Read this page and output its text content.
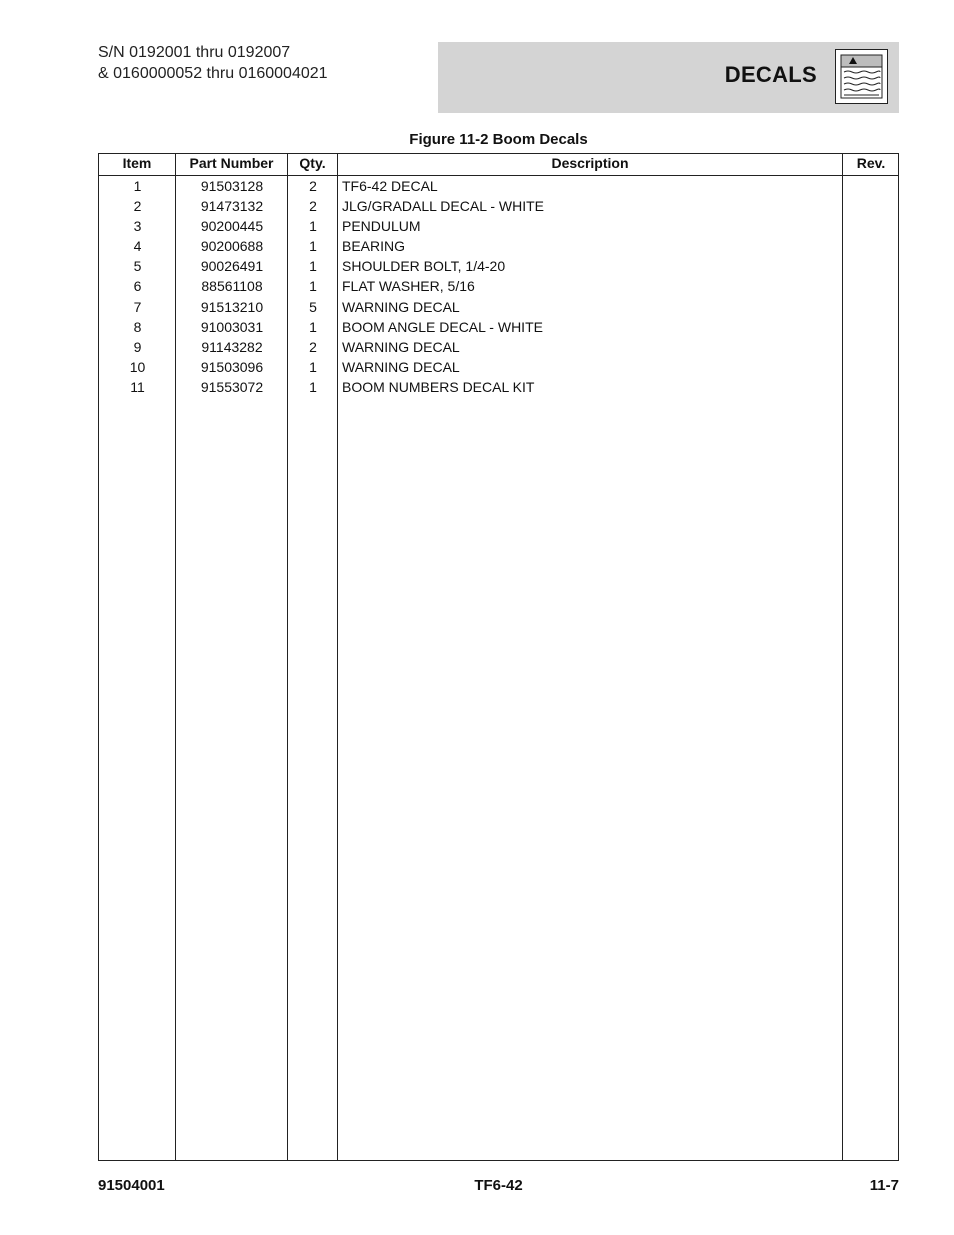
S/N 0192001 thru 0192007
& 0160000052 thru 0160004021	DECALS
Figure 11-2 Boom Decals
Item	Part Number	Qty.	Description	Rev.
1	91503128	2	TF6-42 DECAL
2	91473132	2	JLG/GRADALL DECAL - WHITE
3	90200445	1	PENDULUM
4	90200688	1	BEARING
5	90026491	1	SHOULDER BOLT, 1/4-20
6	88561108	1	FLAT WASHER, 5/16
7	91513210	5	WARNING DECAL
8	91003031	1	BOOM ANGLE DECAL - WHITE
9	91143282	2	WARNING DECAL
10	91503096	1	WARNING DECAL
11	91553072	1	BOOM NUMBERS DECAL KIT
91504001	TF6-42	11-7
